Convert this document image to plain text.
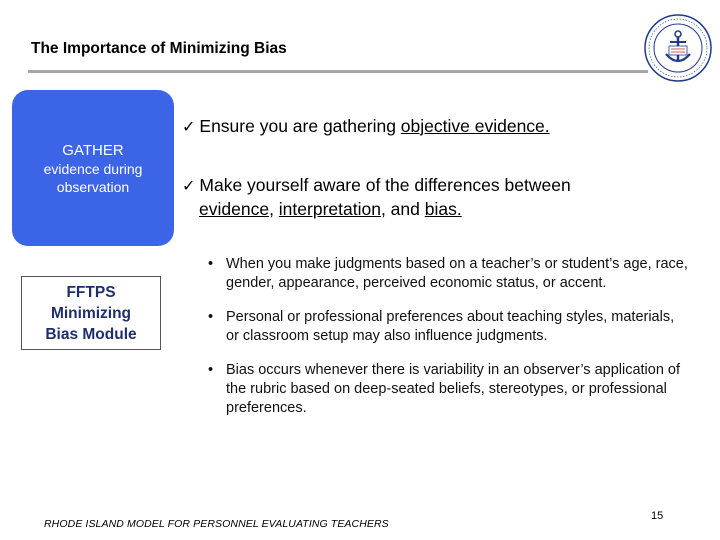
The Importance of Minimizing Bias
GATHER
evidence during
observation
FFTPS
Minimizing
Bias Module
✓ Ensure you are gathering objective evidence.
✓ Make yourself aware of the differences between
evidence, interpretation, and bias.
• When you make judgments based on a teacher’s or student’s age, race, gender, appearance, perceived economic status, or accent.
• Personal or professional preferences about teaching styles, materials, or classroom setup may also influence judgments.
• Bias occurs whenever there is variability in an observer’s application of the rubric based on deep-seated beliefs, stereotypes, or professional preferences.
RHODE ISLAND MODEL FOR PERSONNEL EVALUATING TEACHERS
15
